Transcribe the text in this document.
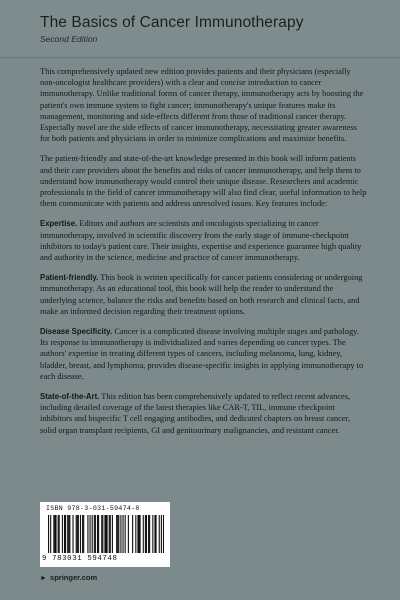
The Basics of Cancer Immunotherapy
Second Edition

This comprehensively updated new edition provides patients and their physicians (especially non-oncologist healthcare providers) with a clear and concise introduction to cancer immunotherapy. Unlike traditional forms of cancer therapy, immunotherapy acts by boosting the patient's own immune system to fight cancer; immunotherapy's unique features make its management, monitoring and side-effects different from those of traditional cancer therapy. Especially novel are the side effects of cancer immunotherapy, necessitating greater awareness for both patients and physicians in order to minimize complications and maximize benefits.

The patient-friendly and state-of-the-art knowledge presented in this book will inform patients and their care providers about the benefits and risks of cancer immunotherapy, and help them to understand how immunotherapy would control their unique disease. Researchers and academic professionals in the field of cancer immunotherapy will also find clear, useful information to help them communicate with patients and address unresolved issues. Key features include:

Expertise. Editors and authors are scientists and oncologists specializing in cancer immunotherapy, involved in scientific discovery from the early stage of immune-checkpoint inhibitors to today's patient care. Their insights, expertise and experience guarantee high quality and authority in the science, medicine and practice of cancer immunotherapy.

Patient-friendly. This book is written specifically for cancer patients considering or undergoing immunotherapy. As an educational tool, this book will help the reader to understand the underlying science, balance the risks and benefits based on both research and clinical facts, and make an informed decision regarding their treatment options.

Disease Specificity. Cancer is a complicated disease involving multiple stages and pathology. Its response to immunotherapy is individualized and varies depending on cancer types. The authors' expertise in treating different types of cancers, including melanoma, lung, kidney, bladder, breast, and lymphoma, provides disease-specific insights in applying immunotherapy to each disease.

State-of-the-Art. This edition has been comprehensively updated to reflect recent advances, including detailed coverage of the latest therapies like CAR-T, TIL, immune checkpoint inhibitors and bispecific T cell engaging antibodies, and dedicated chapters on breast cancer, solid organ transplant recipients, GI and genitourinary malignancies, and resistant cancer.

ISBN 978-3-031-59474-8
9 783031 594748
► springer.com
